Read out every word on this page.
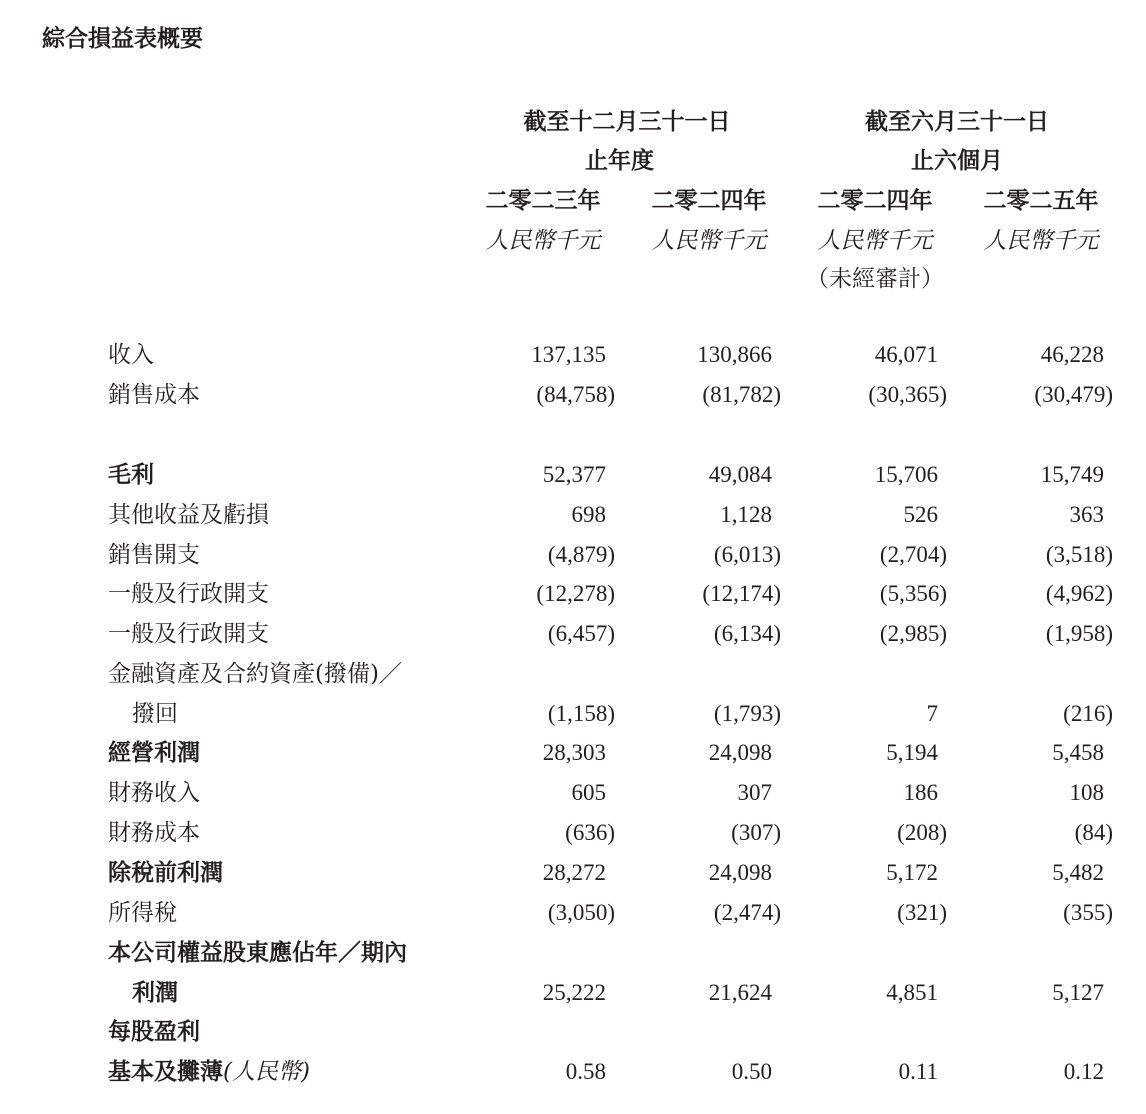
綜合損益表概要
截至十二月三十一日
止年度
截至六月三十一日
止六個月
二零二三年	二零二四年	二零二四年	二零二五年
人民幣千元	人民幣千元	人民幣千元	人民幣千元
（未經審計）
收入	137,135	130,866	46,071	46,228
銷售成本	(84,758)	(81,782)	(30,365)	(30,479)
毛利	52,377	49,084	15,706	15,749
其他收益及虧損	698	1,128	526	363
銷售開支	(4,879)	(6,013)	(2,704)	(3,518)
一般及行政開支	(12,278)	(12,174)	(5,356)	(4,962)
一般及行政開支	(6,457)	(6,134)	(2,985)	(1,958)
金融資產及合約資產(撥備)／
撥回	(1,158)	(1,793)	7	(216)
經營利潤	28,303	24,098	5,194	5,458
財務收入	605	307	186	108
財務成本	(636)	(307)	(208)	(84)
除稅前利潤	28,272	24,098	5,172	5,482
所得稅	(3,050)	(2,474)	(321)	(355)
本公司權益股東應佔年／期內
利潤	25,222	21,624	4,851	5,127
每股盈利
基本及攤薄(人民幣)	0.58	0.50	0.11	0.12
